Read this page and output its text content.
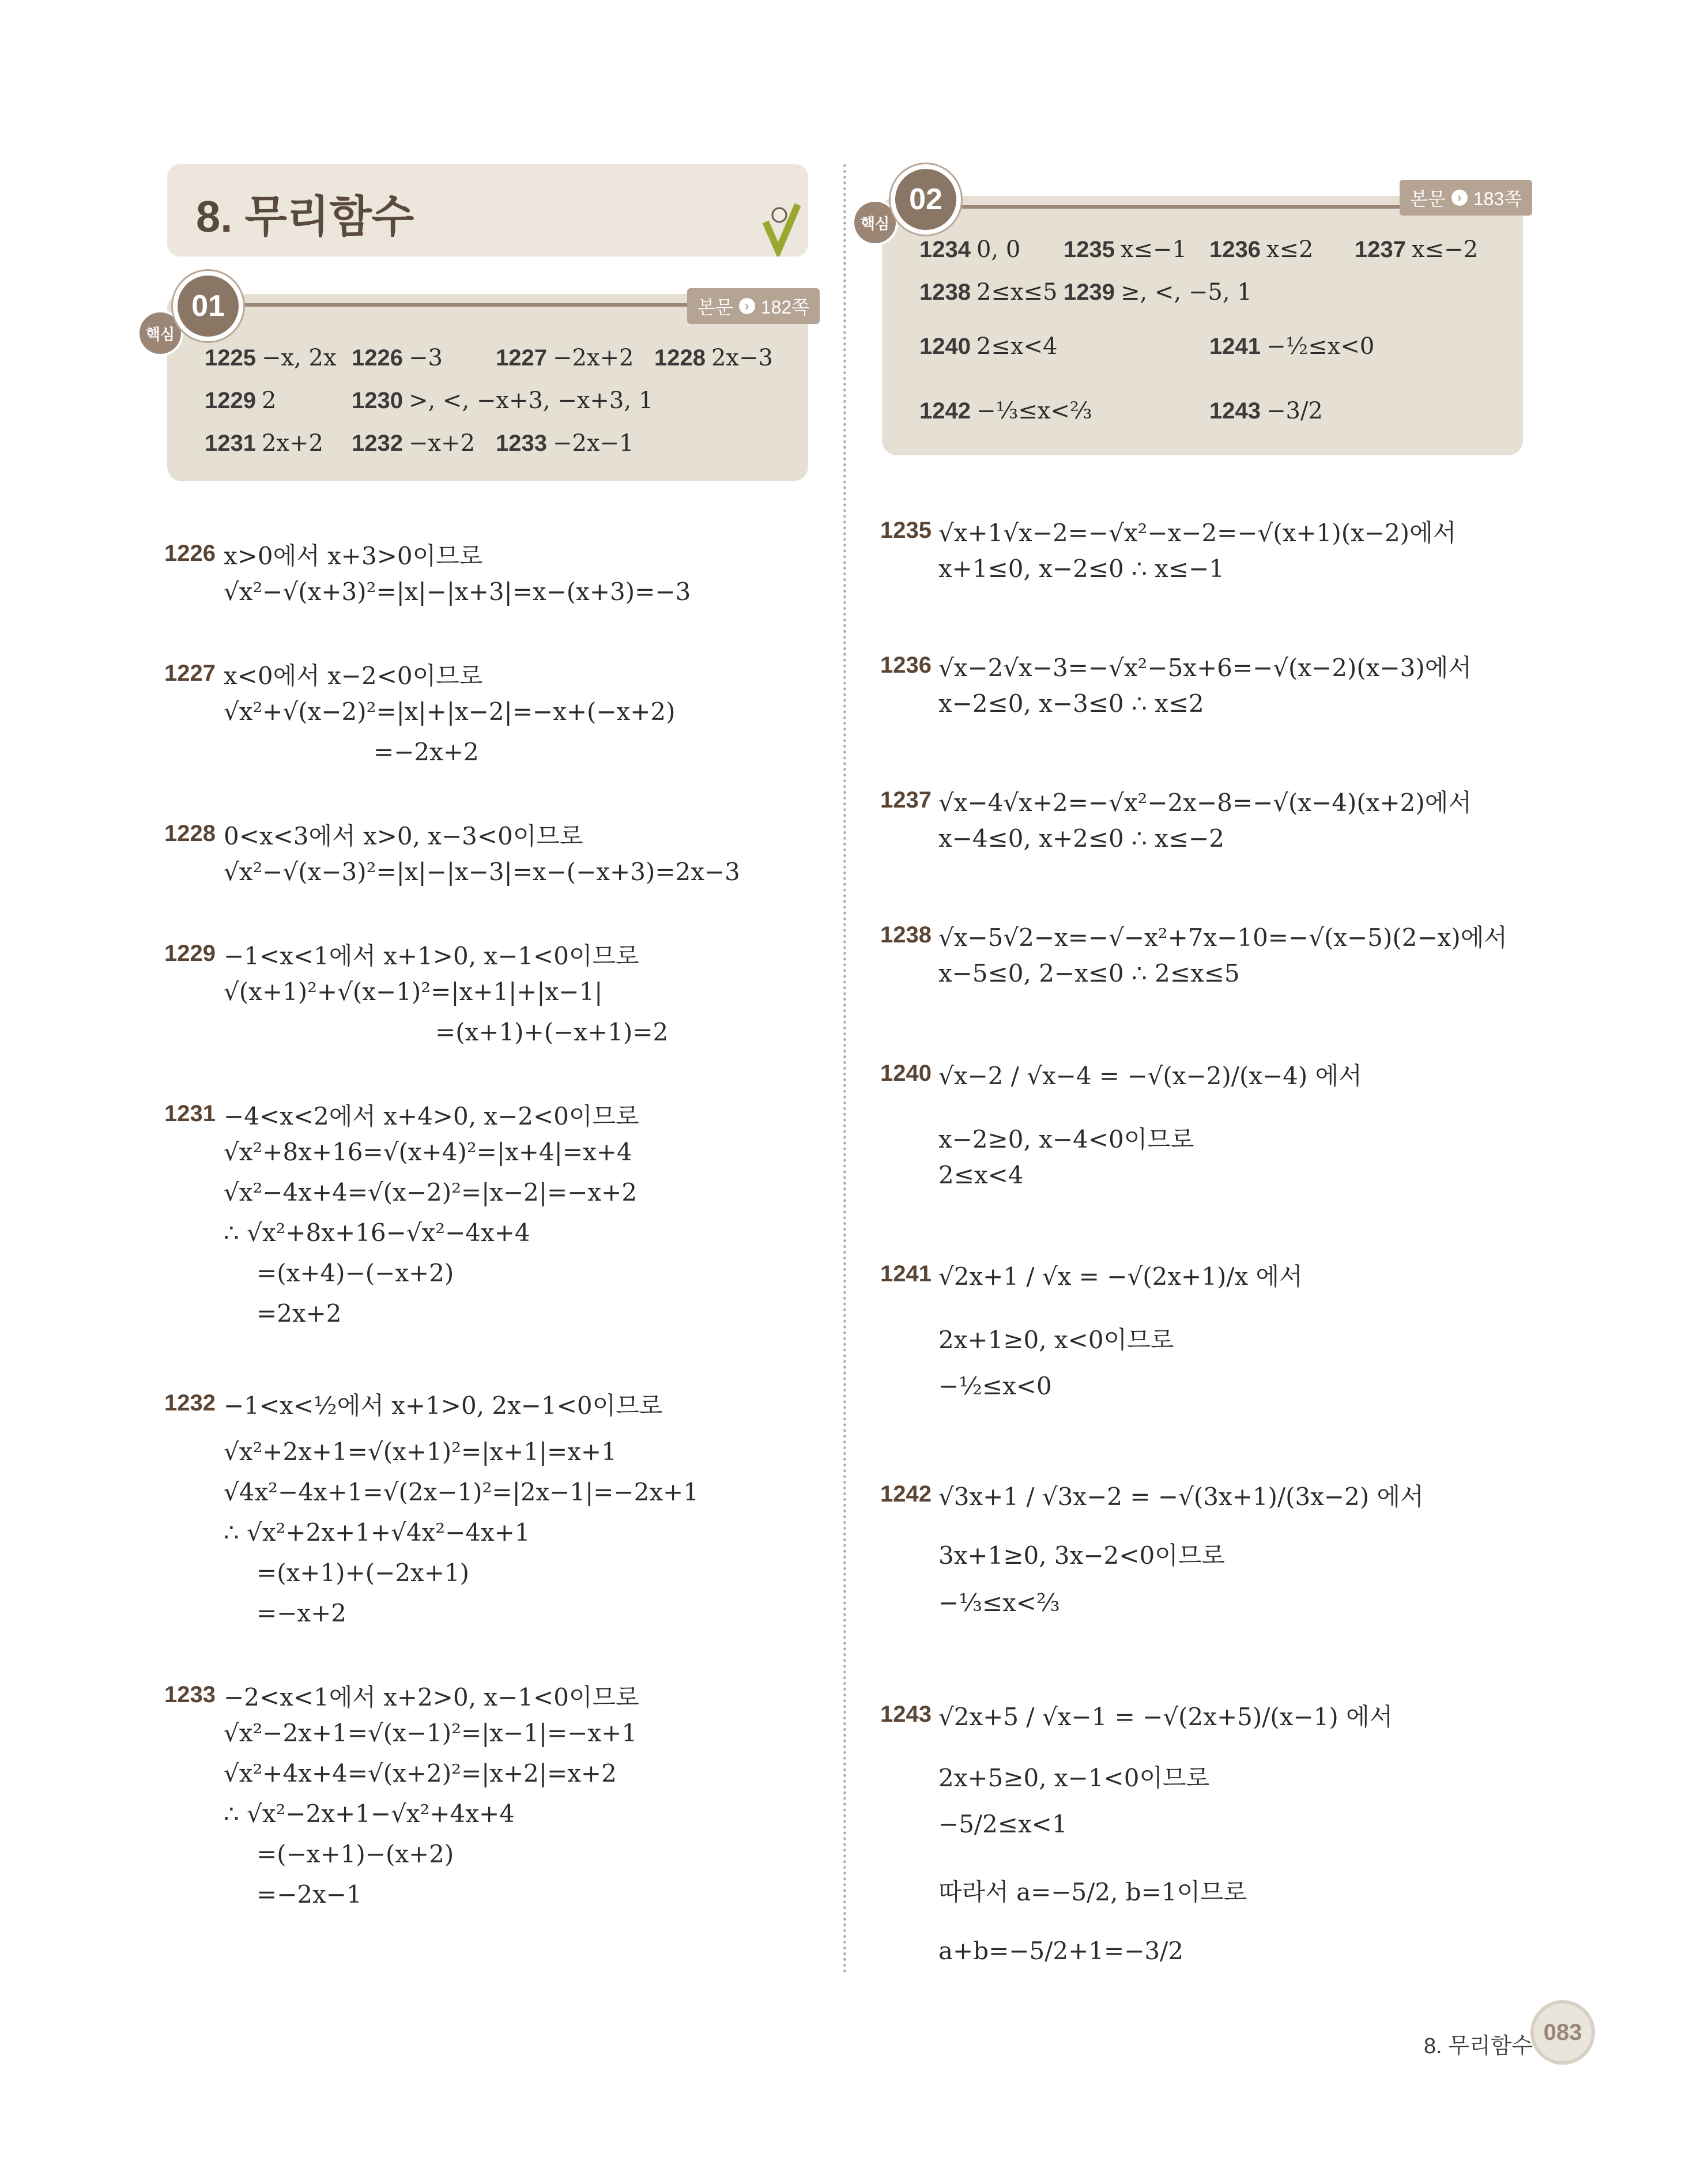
8. 무리함수
핵심
01	본문 › 182쪽
1225 −x, 2x 1226 −3 1227 −2x+2 1228 2x−3
1229 2	1230 >, <, −x+3, −x+3, 1
1231 2x+2 1232 −x+2 1233 −2x−1
핵심
02	본문 › 183쪽
1234 0, 0 1235 x≤−1 1236 x≤2 1237 x≤−2
1238 2≤x≤5 1239 ≥, <, −5, 1
1240 2≤x<4	1241 −½≤x<0
1242 −⅓≤x<⅔	1243 −3/2
1226 x>0에서 x+3>0이므로
√x²−√(x+3)²=|x|−|x+3|=x−(x+3)=−3
1227 x<0에서 x−2<0이므로
√x²+√(x−2)²=|x|+|x−2|=−x+(−x+2)
=−2x+2
1228 0<x<3에서 x>0, x−3<0이므로
√x²−√(x−3)²=|x|−|x−3|=x−(−x+3)=2x−3
1229 −1<x<1에서 x+1>0, x−1<0이므로
√(x+1)²+√(x−1)²=|x+1|+|x−1|
=(x+1)+(−x+1)=2
1231 −4<x<2에서 x+4>0, x−2<0이므로
√x²+8x+16=√(x+4)²=|x+4|=x+4
√x²−4x+4=√(x−2)²=|x−2|=−x+2
∴ √x²+8x+16−√x²−4x+4
=(x+4)−(−x+2)
=2x+2
1232 −1<x<½에서 x+1>0, 2x−1<0이므로
√x²+2x+1=√(x+1)²=|x+1|=x+1
√4x²−4x+1=√(2x−1)²=|2x−1|=−2x+1
∴ √x²+2x+1+√4x²−4x+1
=(x+1)+(−2x+1)
=−x+2
1233 −2<x<1에서 x+2>0, x−1<0이므로
√x²−2x+1=√(x−1)²=|x−1|=−x+1
√x²+4x+4=√(x+2)²=|x+2|=x+2
∴ √x²−2x+1−√x²+4x+4
=(−x+1)−(x+2)
=−2x−1
1235 √x+1√x−2=−√x²−x−2=−√(x+1)(x−2)에서
x+1≤0, x−2≤0 ∴ x≤−1
1236 √x−2√x−3=−√x²−5x+6=−√(x−2)(x−3)에서
x−2≤0, x−3≤0 ∴ x≤2
1237 √x−4√x+2=−√x²−2x−8=−√(x−4)(x+2)에서
x−4≤0, x+2≤0 ∴ x≤−2
1238 √x−5√2−x=−√−x²+7x−10=−√(x−5)(2−x)에서
x−5≤0, 2−x≤0 ∴ 2≤x≤5
1240 √x−2 / √x−4 = −√(x−2)/(x−4) 에서
x−2≥0, x−4<0이므로
2≤x<4
1241 √2x+1 / √x = −√(2x+1)/x 에서
2x+1≥0, x<0이므로
−½≤x<0
1242 √3x+1 / √3x−2 = −√(3x+1)/(3x−2) 에서
3x+1≥0, 3x−2<0이므로
−⅓≤x<⅔
1243 √2x+5 / √x−1 = −√(2x+5)/(x−1) 에서
2x+5≥0, x−1<0이므로
−5/2≤x<1
따라서 a=−5/2, b=1이므로
a+b=−5/2+1=−3/2
8. 무리함수
083
